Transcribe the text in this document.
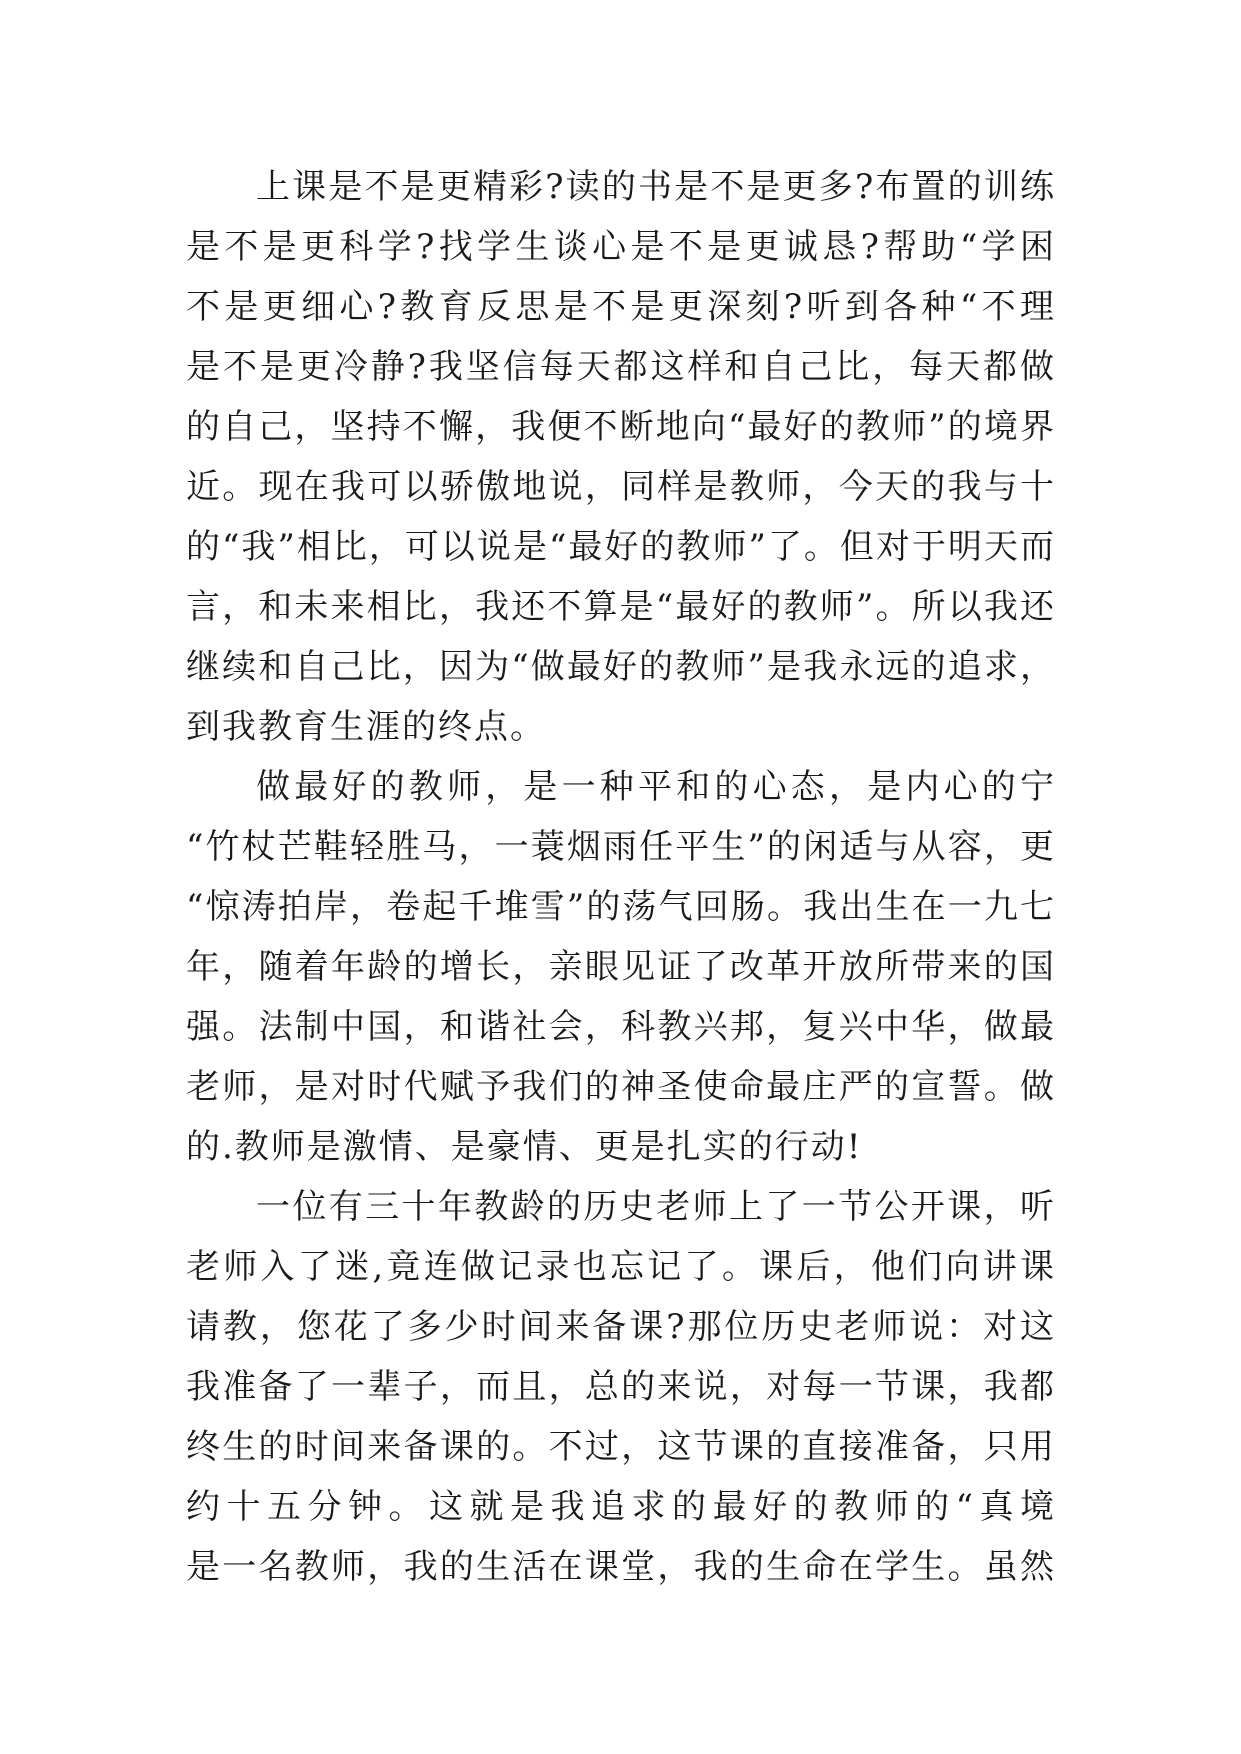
上课是不是更精彩?读的书是不是更多?布置的训练
是不是更科学?找学生谈心是不是更诚恳?帮助“学困
不是更细心?教育反思是不是更深刻?听到各种“不理
是不是更冷静?我坚信每天都这样和自己比，每天都做
的自己，坚持不懈，我便不断地向“最好的教师”的境界
近。现在我可以骄傲地说，同样是教师，今天的我与十
的“我”相比，可以说是“最好的教师”了。但对于明天而
言，和未来相比，我还不算是“最好的教师”。所以我还
继续和自己比，因为“做最好的教师”是我永远的追求，
到我教育生涯的终点。
做最好的教师，是一种平和的心态，是内心的宁
“竹杖芒鞋轻胜马，一蓑烟雨任平生”的闲适与从容，更
“惊涛拍岸，卷起千堆雪”的荡气回肠。我出生在一九七
年，随着年龄的增长，亲眼见证了改革开放所带来的国
强。法制中国，和谐社会，科教兴邦，复兴中华，做最
老师，是对时代赋予我们的神圣使命最庄严的宣誓。做
的.教师是激情、是豪情、更是扎实的行动!
一位有三十年教龄的历史老师上了一节公开课，听
老师入了迷,竟连做记录也忘记了。课后，他们向讲课
请教，您花了多少时间来备课?那位历史老师说：对这
我准备了一辈子，而且，总的来说，对每一节课，我都
终生的时间来备课的。不过，这节课的直接准备，只用
约十五分钟。这就是我追求的最好的教师的“真境
是一名教师，我的生活在课堂，我的生命在学生。虽然
